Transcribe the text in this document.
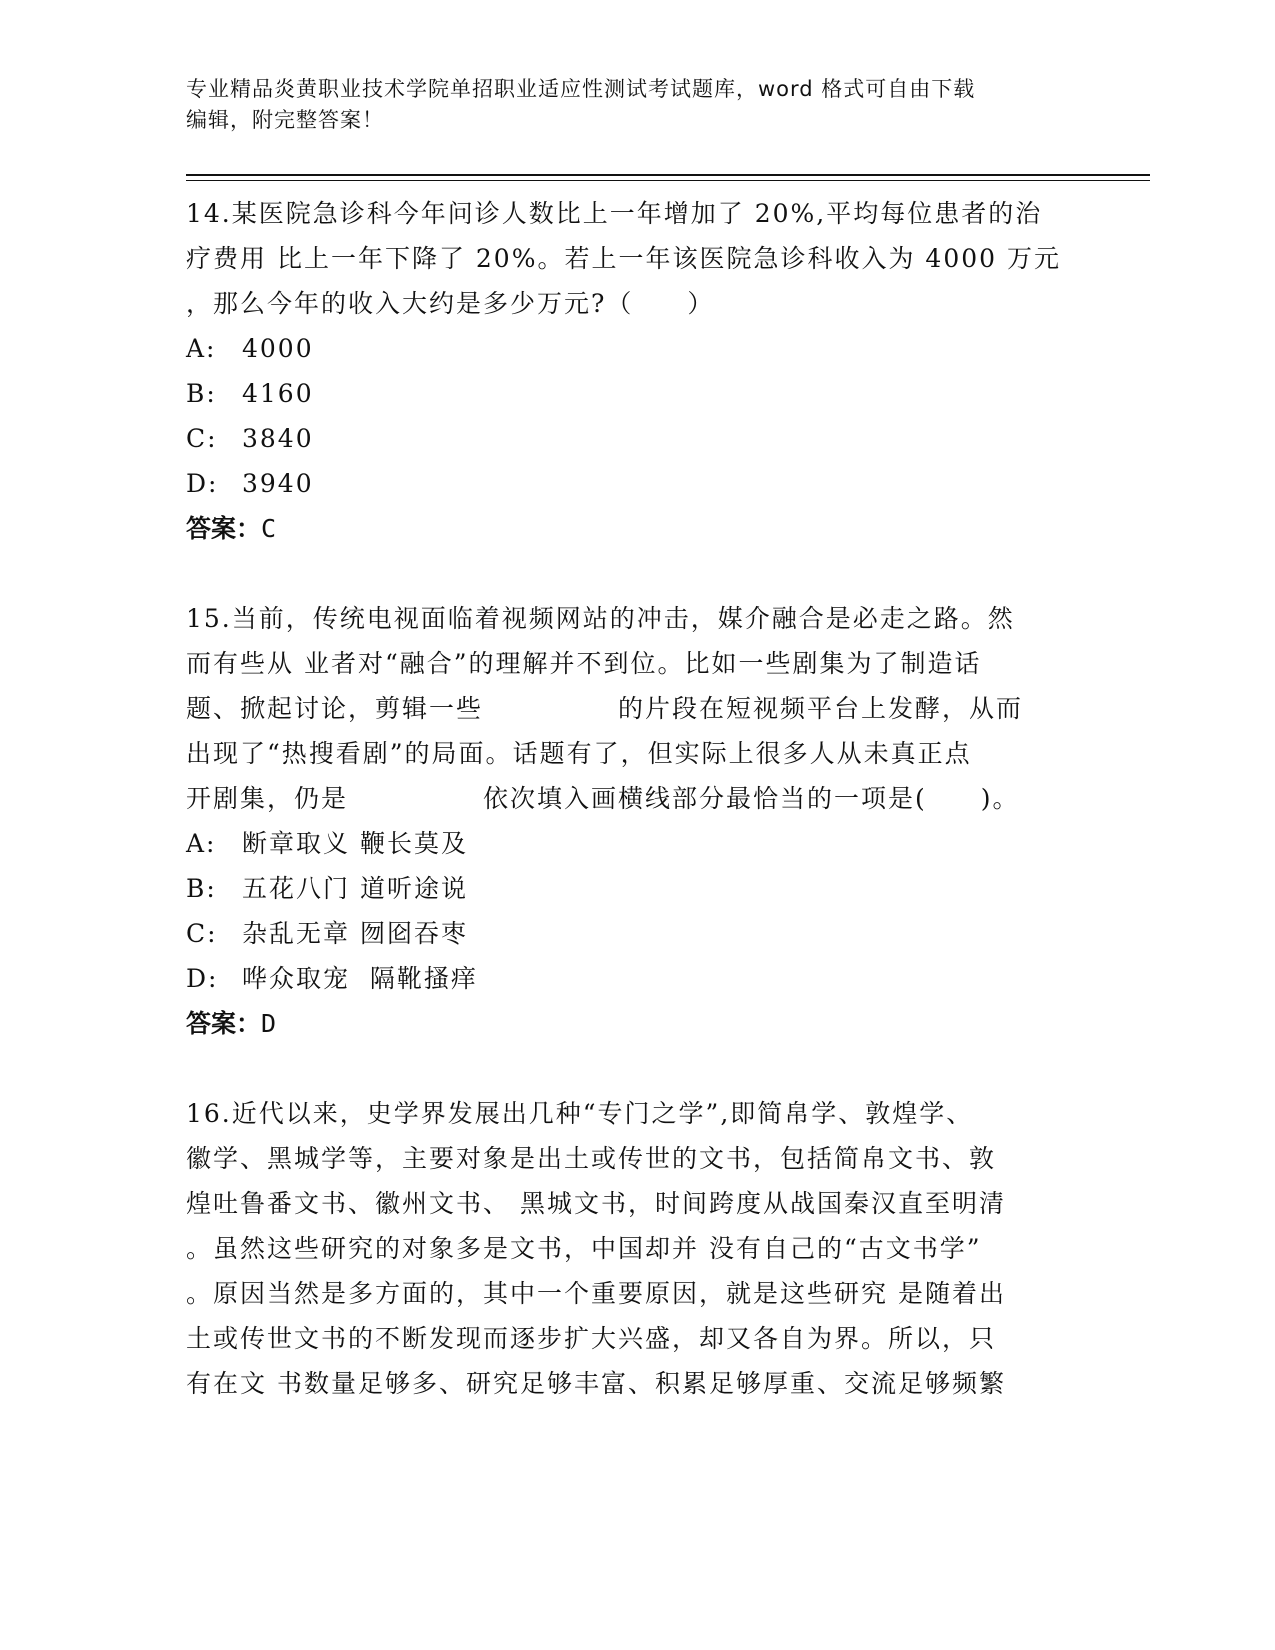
专业精品炎黄职业技术学院单招职业适应性测试考试题库，word 格式可自由下载
编辑，附完整答案！
14.某医院急诊科今年问诊人数比上一年增加了 20%,平均每位患者的治
疗费用 比上一年下降了 20%。若上一年该医院急诊科收入为 4000 万元
，那么今年的收入大约是多少万元?（　　）
A:	4000
B:	4160
C: 3840
D: 3940
答案：C
15.当前，传统电视面临着视频网站的冲击，媒介融合是必走之路。然
而有些从 业者对“融合”的理解并不到位。比如一些剧集为了制造话
题、掀起讨论，剪辑一些　　　　　的片段在短视频平台上发酵，从而
出现了“热搜看剧”的局面。话题有了，但实际上很多人从未真正点
开剧集，仍是　　　　　依次填入画横线部分最恰当的一项是(　　)。
A:	断章取义 鞭长莫及
B:	五花八门 道听途说
C: 杂乱无章 囫囵吞枣
D: 哗众取宠  隔靴搔痒
答案：D
16.近代以来，史学界发展出几种“专门之学”,即简帛学、敦煌学、
徽学、黑城学等，主要对象是出土或传世的文书，包括简帛文书、敦
煌吐鲁番文书、徽州文书、 黑城文书，时间跨度从战国秦汉直至明清
。虽然这些研究的对象多是文书，中国却并 没有自己的“古文书学”
。原因当然是多方面的，其中一个重要原因，就是这些研究 是随着出
土或传世文书的不断发现而逐步扩大兴盛，却又各自为界。所以，只
有在文 书数量足够多、研究足够丰富、积累足够厚重、交流足够频繁
